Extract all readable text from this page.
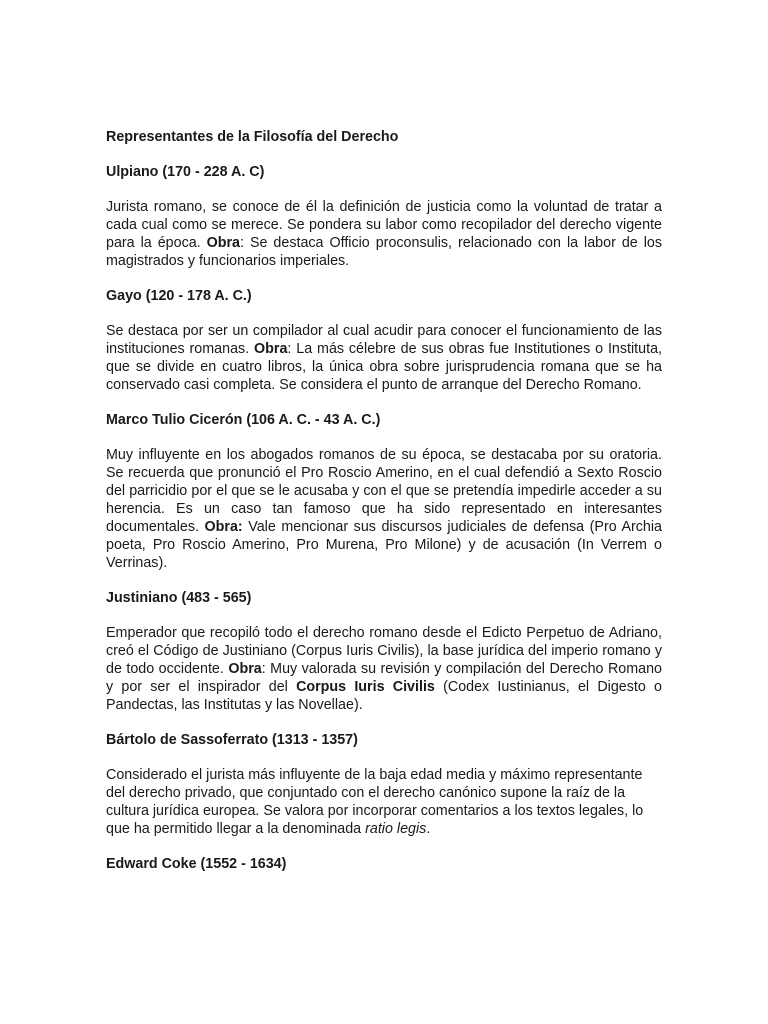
Representantes de la Filosofía del Derecho
Ulpiano (170 - 228 A. C)

Jurista romano, se conoce de él la definición de justicia como la voluntad de tratar a cada cual como se merece. Se pondera su labor como recopilador del derecho vigente para la época. Obra: Se destaca Officio proconsulis, relacionado con la labor de los magistrados y funcionarios imperiales.

Gayo (120 - 178 A. C.)

Se destaca por ser un compilador al cual acudir para conocer el funcionamiento de las instituciones romanas. Obra: La más célebre de sus obras fue Institutiones o Instituta, que se divide en cuatro libros, la única obra sobre jurisprudencia romana que se ha conservado casi completa. Se considera el punto de arranque del Derecho Romano.

Marco Tulio Cicerón (106 A. C. - 43 A. C.)

Muy influyente en los abogados romanos de su época, se destacaba por su oratoria. Se recuerda que pronunció el Pro Roscio Amerino, en el cual defendió a Sexto Roscio del parricidio por el que se le acusaba y con el que se pretendía impedirle acceder a su herencia. Es un caso tan famoso que ha sido representado en interesantes documentales. Obra: Vale mencionar sus discursos judiciales de defensa (Pro Archia poeta, Pro Roscio Amerino, Pro Murena, Pro Milone) y de acusación (In Verrem o Verrinas).

Justiniano (483 - 565)

Emperador que recopiló todo el derecho romano desde el Edicto Perpetuo de Adriano, creó el Código de Justiniano (Corpus Iuris Civilis), la base jurídica del imperio romano y de todo occidente. Obra: Muy valorada su revisión y compilación del Derecho Romano y por ser el inspirador del Corpus Iuris Civilis (Codex Iustinianus, el Digesto o Pandectas, las Institutas y las Novellae).

Bártolo de Sassoferrato (1313 - 1357)

Considerado el jurista más influyente de la baja edad media y máximo representante del derecho privado, que conjuntado con el derecho canónico supone la raíz de la cultura jurídica europea. Se valora por incorporar comentarios a los textos legales, lo que ha permitido llegar a la denominada ratio legis.

Edward Coke (1552 - 1634)
